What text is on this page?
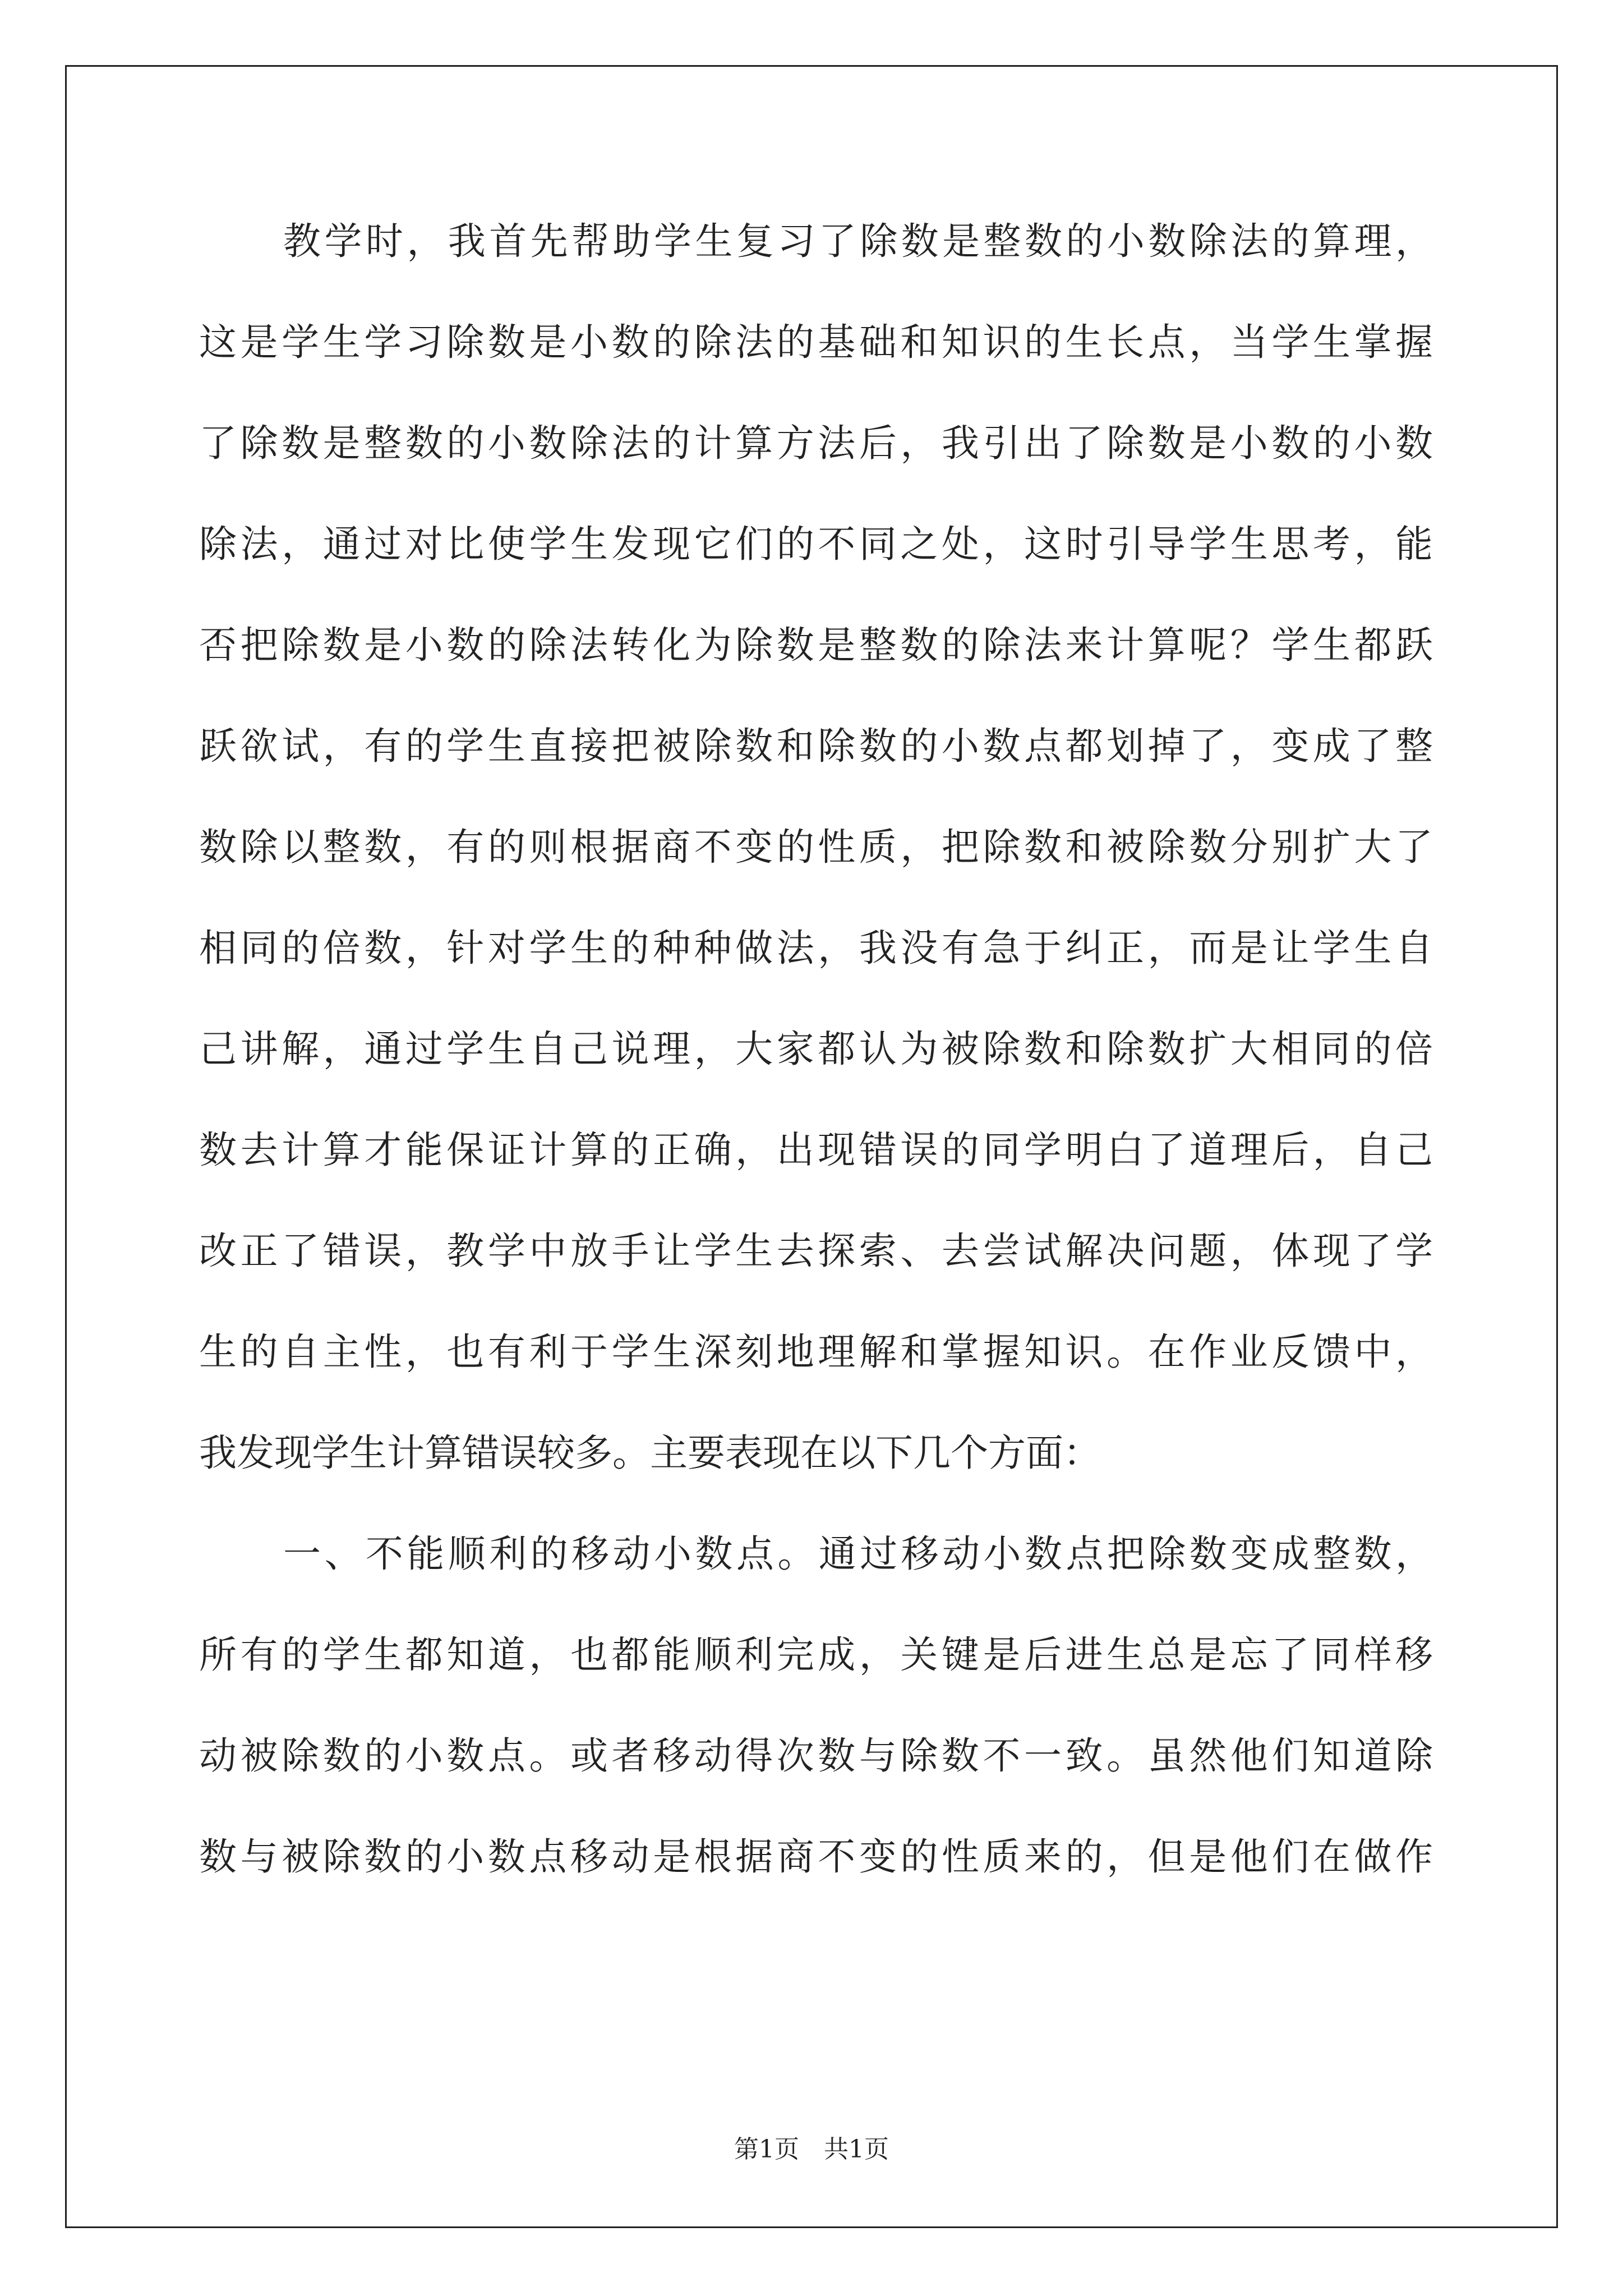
教学时，我首先帮助学生复习了除数是整数的小数除法的算理，
这是学生学习除数是小数的除法的基础和知识的生长点，当学生掌握
了除数是整数的小数除法的计算方法后，我引出了除数是小数的小数
除法，通过对比使学生发现它们的不同之处，这时引导学生思考，能
否把除数是小数的除法转化为除数是整数的除法来计算呢？学生都跃
跃欲试，有的学生直接把被除数和除数的小数点都划掉了，变成了整
数除以整数，有的则根据商不变的性质，把除数和被除数分别扩大了
相同的倍数，针对学生的种种做法，我没有急于纠正，而是让学生自
己讲解，通过学生自己说理，大家都认为被除数和除数扩大相同的倍
数去计算才能保证计算的正确，出现错误的同学明白了道理后，自己
改正了错误，教学中放手让学生去探索、去尝试解决问题，体现了学
生的自主性，也有利于学生深刻地理解和掌握知识。在作业反馈中，
我发现学生计算错误较多。主要表现在以下几个方面：
一、不能顺利的移动小数点。通过移动小数点把除数变成整数，
所有的学生都知道，也都能顺利完成，关键是后进生总是忘了同样移
动被除数的小数点。或者移动得次数与除数不一致。虽然他们知道除
数与被除数的小数点移动是根据商不变的性质来的，但是他们在做作
第1页　共1页
